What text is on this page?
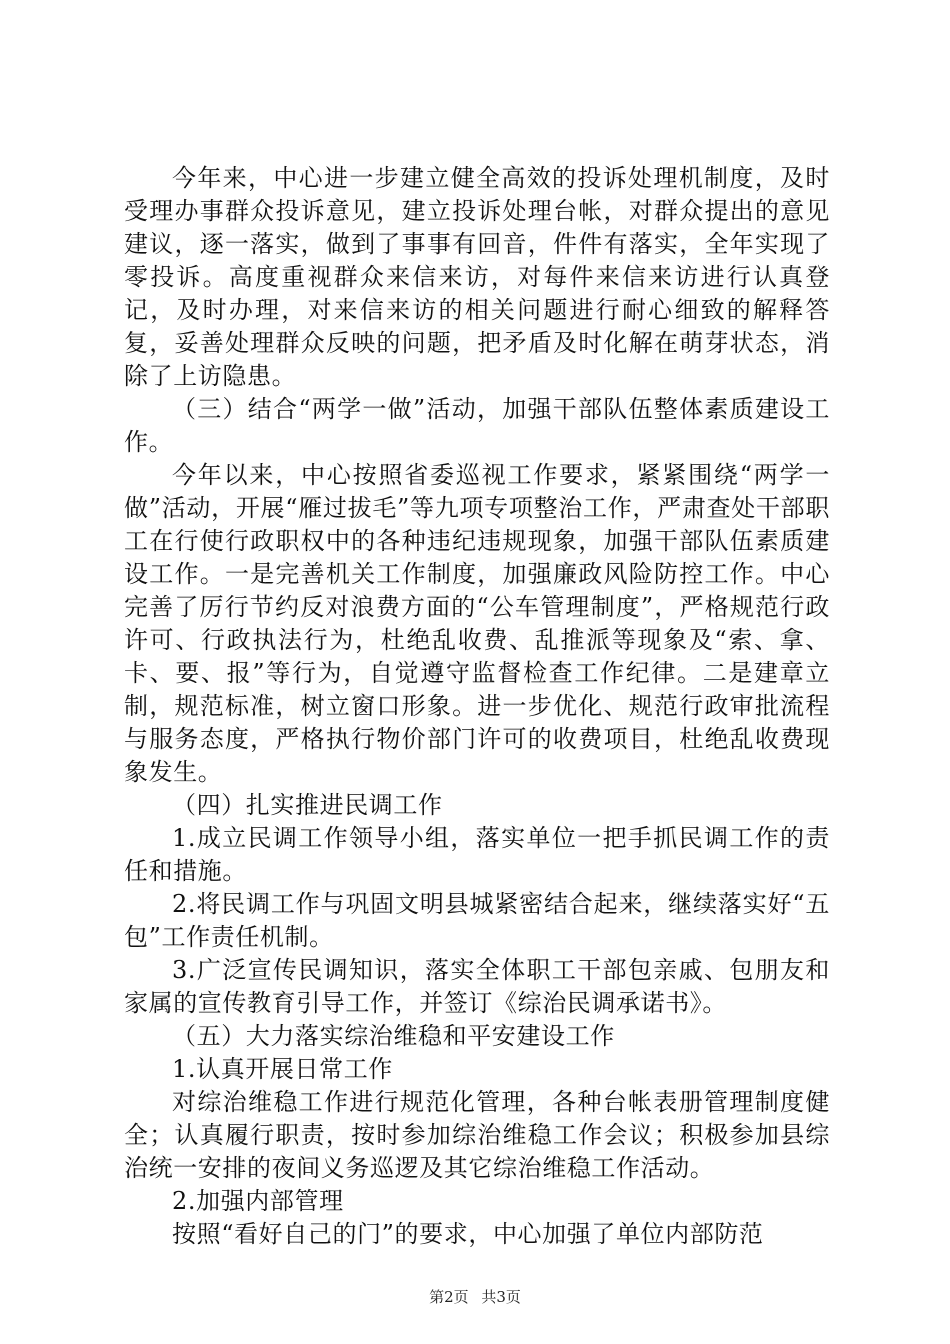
今年来，中心进一步建立健全高效的投诉处理机制度，及时受理办事群众投诉意见，建立投诉处理台帐，对群众提出的意见建议，逐一落实，做到了事事有回音，件件有落实，全年实现了零投诉。高度重视群众来信来访，对每件来信来访进行认真登记，及时办理，对来信来访的相关问题进行耐心细致的解释答复，妥善处理群众反映的问题，把矛盾及时化解在萌芽状态，消除了上访隐患。

（三）结合“两学一做”活动，加强干部队伍整体素质建设工作。

今年以来，中心按照省委巡视工作要求，紧紧围绕“两学一做”活动，开展“雁过拔毛”等九项专项整治工作，严肃查处干部职工在行使行政职权中的各种违纪违规现象，加强干部队伍素质建设工作。一是完善机关工作制度，加强廉政风险防控工作。中心完善了厉行节约反对浪费方面的“公车管理制度”，严格规范行政许可、行政执法行为，杜绝乱收费、乱推派等现象及“索、拿、卡、要、报”等行为，自觉遵守监督检查工作纪律。二是建章立制，规范标准，树立窗口形象。进一步优化、规范行政审批流程与服务态度，严格执行物价部门许可的收费项目，杜绝乱收费现象发生。

（四）扎实推进民调工作

1.成立民调工作领导小组，落实单位一把手抓民调工作的责任和措施。

2.将民调工作与巩固文明县城紧密结合起来，继续落实好“五包”工作责任机制。

3.广泛宣传民调知识，落实全体职工干部包亲戚、包朋友和家属的宣传教育引导工作，并签订《综治民调承诺书》。

（五）大力落实综治维稳和平安建设工作

1.认真开展日常工作

对综治维稳工作进行规范化管理，各种台帐表册管理制度健全；认真履行职责，按时参加综治维稳工作会议；积极参加县综治统一安排的夜间义务巡逻及其它综治维稳工作活动。

2.加强内部管理

按照“看好自己的门”的要求，中心加强了单位内部防范

第2页 共3页
